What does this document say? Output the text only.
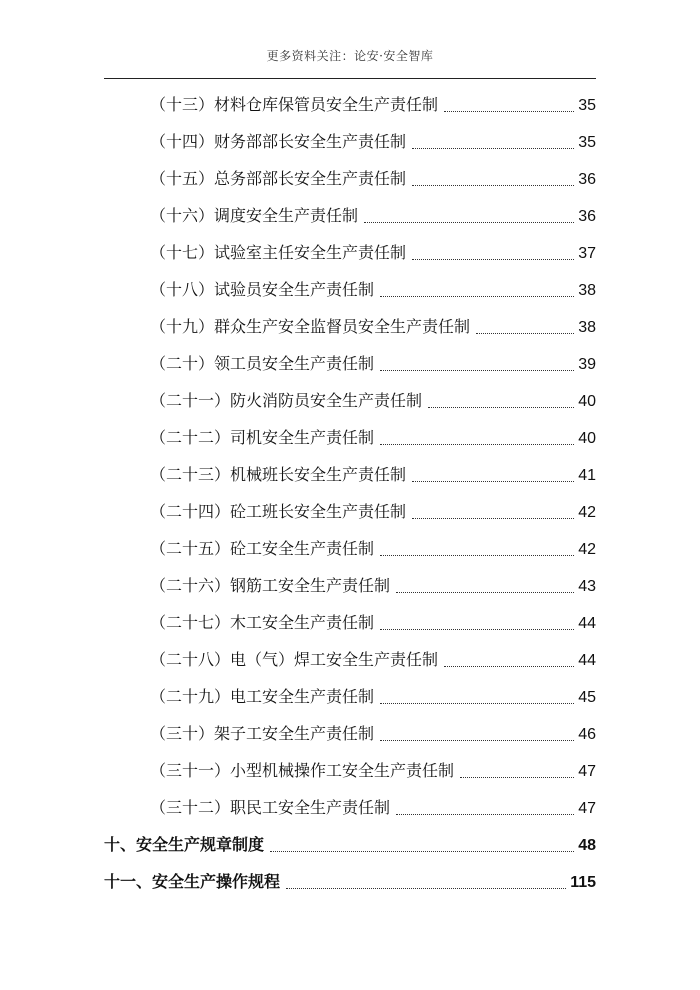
更多资料关注：论安·安全智库
（十三）材料仓库保管员安全生产责任制	35
（十四）财务部部长安全生产责任制	35
（十五）总务部部长安全生产责任制	36
（十六）调度安全生产责任制	36
（十七）试验室主任安全生产责任制	37
（十八）试验员安全生产责任制	38
（十九）群众生产安全监督员安全生产责任制	38
（二十）领工员安全生产责任制	39
（二十一）防火消防员安全生产责任制	40
（二十二）司机安全生产责任制	40
（二十三）机械班长安全生产责任制	41
（二十四）砼工班长安全生产责任制	42
（二十五）砼工安全生产责任制	42
（二十六）钢筋工安全生产责任制	43
（二十七）木工安全生产责任制	44
（二十八）电（气）焊工安全生产责任制	44
（二十九）电工安全生产责任制	45
（三十）架子工安全生产责任制	46
（三十一）小型机械操作工安全生产责任制	47
（三十二）职民工安全生产责任制	47
十、安全生产规章制度	48
十一、安全生产操作规程	115
